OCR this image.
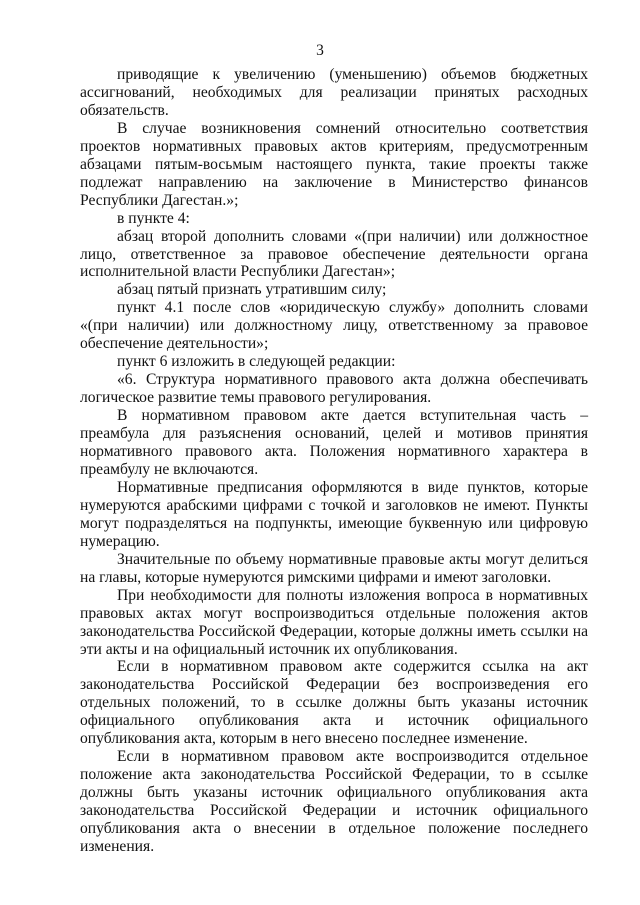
3

приводящие к увеличению (уменьшению) объемов бюджетных ассигнований, необходимых для реализации принятых расходных обязательств.

В случае возникновения сомнений относительно соответствия проектов нормативных правовых актов критериям, предусмотренным абзацами пятым-восьмым настоящего пункта, такие проекты также подлежат направлению на заключение в Министерство финансов Республики Дагестан.»;

в пункте 4:

абзац второй дополнить словами «(при наличии) или должностное лицо, ответственное за правовое обеспечение деятельности органа исполнительной власти Республики Дагестан»;

абзац пятый признать утратившим силу;

пункт 4.1 после слов «юридическую службу» дополнить словами «(при наличии) или должностному лицу, ответственному за правовое обеспечение деятельности»;

пункт 6 изложить в следующей редакции:

«6. Структура нормативного правового акта должна обеспечивать логическое развитие темы правового регулирования.

В нормативном правовом акте дается вступительная часть – преамбула для разъяснения оснований, целей и мотивов принятия нормативного правового акта. Положения нормативного характера в преамбулу не включаются.

Нормативные предписания оформляются в виде пунктов, которые нумеруются арабскими цифрами с точкой и заголовков не имеют. Пункты могут подразделяться на подпункты, имеющие буквенную или цифровую нумерацию.

Значительные по объему нормативные правовые акты могут делиться на главы, которые нумеруются римскими цифрами и имеют заголовки.

При необходимости для полноты изложения вопроса в нормативных правовых актах могут воспроизводиться отдельные положения актов законодательства Российской Федерации, которые должны иметь ссылки на эти акты и на официальный источник их опубликования.

Если в нормативном правовом акте содержится ссылка на акт законодательства Российской Федерации без воспроизведения его отдельных положений, то в ссылке должны быть указаны источник официального опубликования акта и источник официального опубликования акта, которым в него внесено последнее изменение.

Если в нормативном правовом акте воспроизводится отдельное положение акта законодательства Российской Федерации, то в ссылке должны быть указаны источник официального опубликования акта законодательства Российской Федерации и источник официального опубликования акта о внесении в отдельное положение последнего изменения.
